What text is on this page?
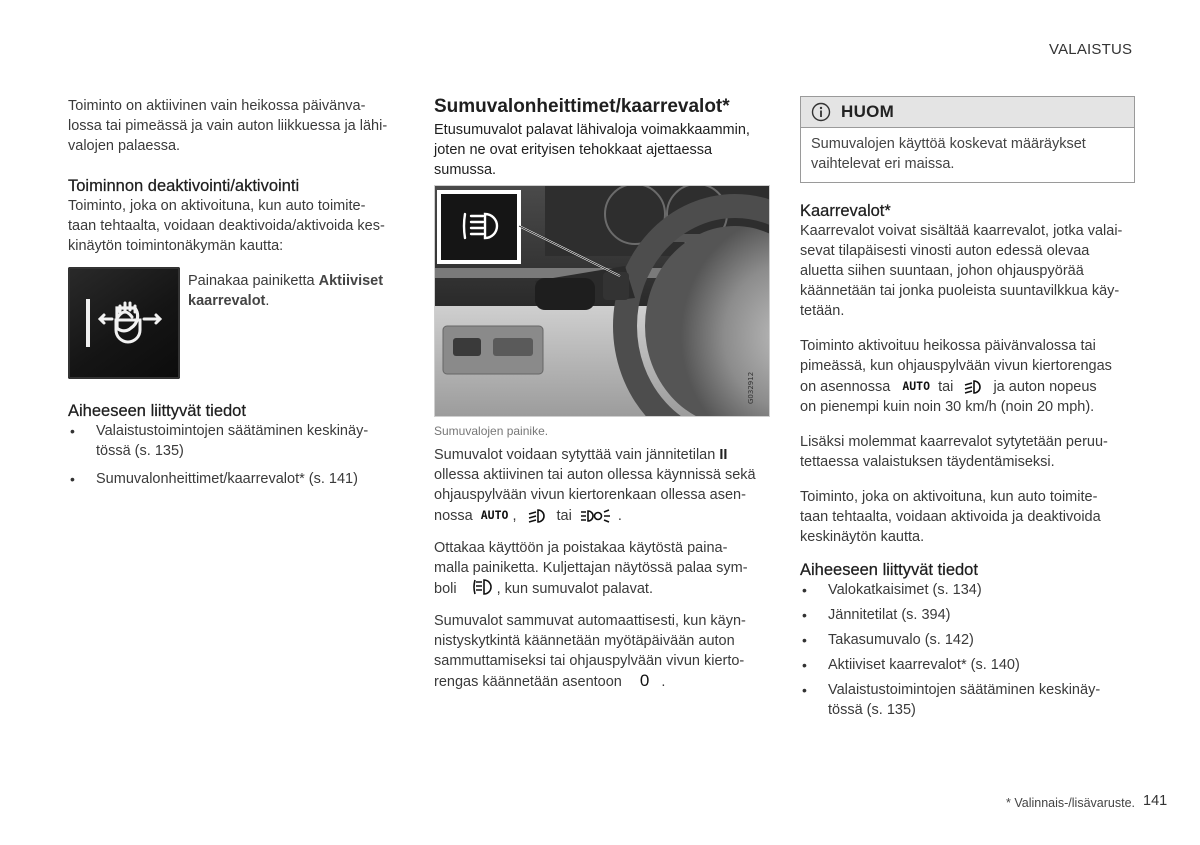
VALAISTUS

Toiminto on aktiivinen vain heikossa päivänva-
lossa tai pimeässä ja vain auton liikkuessa ja lähi-
valojen palaessa.

Toiminnon deaktivointi/aktivointi

Toiminto, joka on aktivoituna, kun auto toimite-
taan tehtaalta, voidaan deaktivoida/aktivoida kes-
kinäytön toimintonäkymän kautta:

Painakaa painiketta Aktiiviset
kaarrevalot.

Aiheeseen liittyvät tiedot
• Valaistustoimintojen säätäminen keskinäy-
tössä (s. 135)
• Sumuvalonheittimet/kaarrevalot* (s. 141)
Sumuvalonheittimet/kaarrevalot*

Etusumuvalot palavat lähivaloja voimakkaammin,
joten ne ovat erityisen tehokkaat ajettaessa
sumussa.

260
G032912

Sumuvalojen painike.

Sumuvalot voidaan sytyttää vain jännitetilan II
ollessa aktiivinen tai auton ollessa käynnissä sekä
ohjauspylvään vivun kiertorenkaan ollessa asen-
nossa AUTO ,	tai	.

Ottakaa käyttöön ja poistakaa käytöstä paina-
malla painiketta. Kuljettajan näytössä palaa sym-
boli	, kun sumuvalot palavat.

Sumuvalot sammuvat automaattisesti, kun käyn-
nistyskytkintä käännetään myötäpäivään auton
sammuttamiseksi tai ohjauspylvään vivun kierto-
rengas käännetään asentoon 0 .

HUOM
Sumuvalojen käyttöä koskevat määräykset
vaihtelevat eri maissa.
Kaarrevalot*

Kaarrevalot voivat sisältää kaarrevalot, jotka valai-
sevat tilapäisesti vinosti auton edessä olevaa
aluetta siihen suuntaan, johon ohjauspyörää
käännetään tai jonka puoleista suuntavilkkua käy-
tetään.

Toiminto aktivoituu heikossa päivänvalossa tai
pimeässä, kun ohjauspylvään vivun kiertorengas
on asennossa AUTO tai	ja auton nopeus
on pienempi kuin noin 30 km/h (noin 20 mph).

Lisäksi molemmat kaarrevalot sytytetään peruu-
tettaessa valaistuksen täydentämiseksi.

Toiminto, joka on aktivoituna, kun auto toimite-
taan tehtaalta, voidaan aktivoida ja deaktivoida
keskinäytön kautta.

Aiheeseen liittyvät tiedot
• Valokatkaisimet (s. 134)
• Jännitetilat (s. 394)
• Takasumuvalo (s. 142)
• Aktiiviset kaarrevalot* (s. 140)
• Valaistustoimintojen säätäminen keskinäy-
tössä (s. 135)
* Valinnais-/lisävaruste. 141
